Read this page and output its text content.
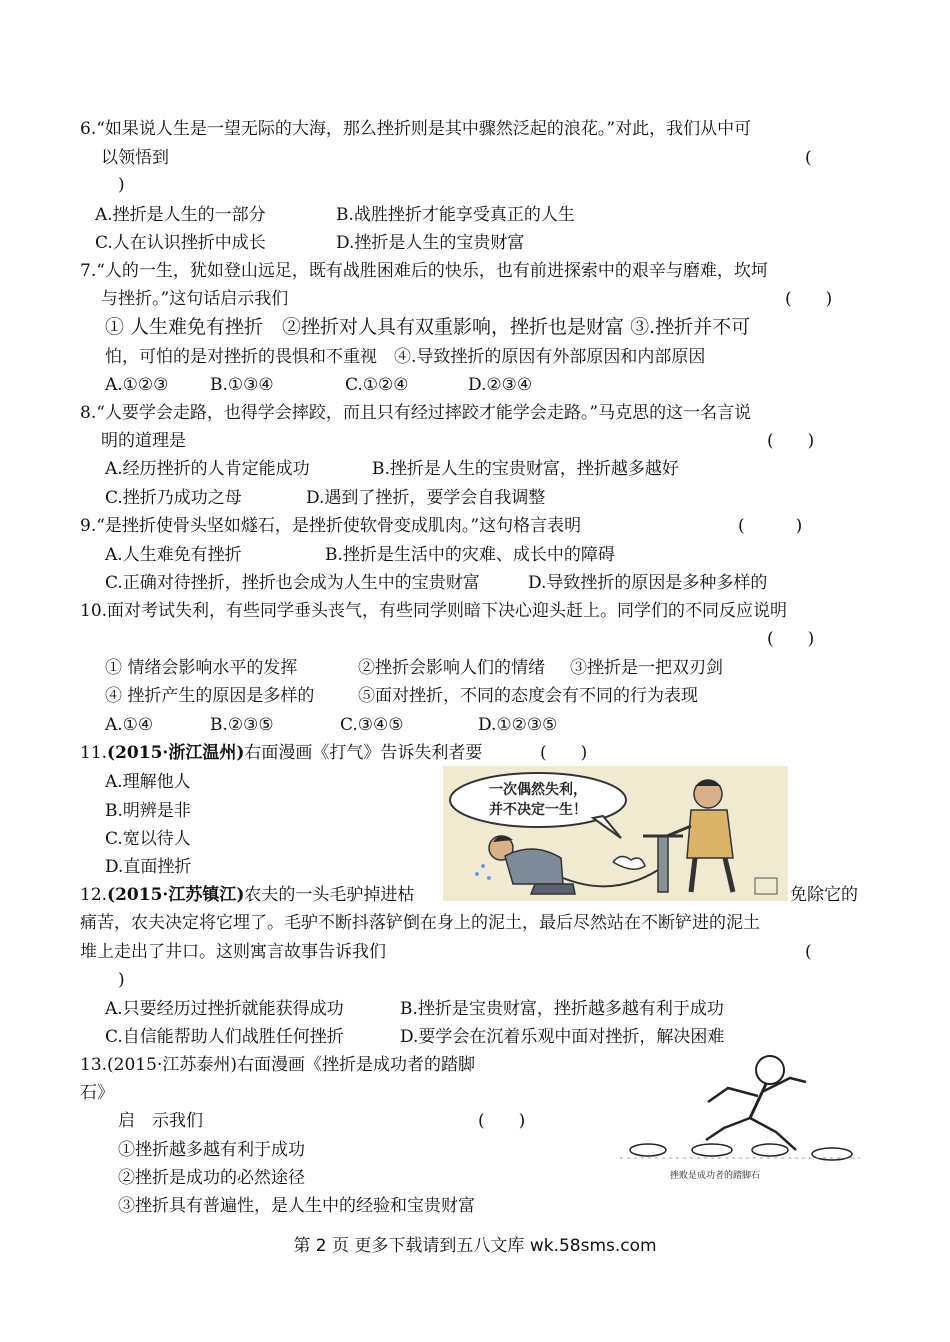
6.“如果说人生是一望无际的大海，那么挫折则是其中骤然泛起的浪花。”对此，我们从中可
以领悟到	(
)
A.挫折是人生的一部分	B.战胜挫折才能享受真正的人生
C.人在认识挫折中成长	D.挫折是人生的宝贵财富
7.“人的一生，犹如登山远足，既有战胜困难后的快乐，也有前进探索中的艰辛与磨难，坎坷
与挫折。”这句话启示我们	(　　)
① 人生难免有挫折　②挫折对人具有双重影响，挫折也是财富 ③.挫折并不可
怕，可怕的是对挫折的畏惧和不重视　④.导致挫折的原因有外部原因和内部原因
A.①②③ B.①③④	C.①②④	D.②③④
8.“人要学会走路，也得学会摔跤，而且只有经过摔跤才能学会走路。”马克思的这一名言说
明的道理是	(　　)
A.经历挫折的人肯定能成功	B.挫折是人生的宝贵财富，挫折越多越好
C.挫折乃成功之母	D.遇到了挫折，要学会自我调整
9.“是挫折使骨头坚如燧石，是挫折使软骨变成肌肉。”这句格言表明	(　　　)
A.人生难免有挫折	B.挫折是生活中的灾难、成长中的障碍
C.正确对待挫折，挫折也会成为人生中的宝贵财富	D.导致挫折的原因是多种多样的
10.面对考试失利，有些同学垂头丧气，有些同学则暗下决心迎头赶上。同学们的不同反应说明
(　　)
① 情绪会影响水平的发挥	②挫折会影响人们的情绪 ③挫折是一把双刃剑
④ 挫折产生的原因是多样的	⑤面对挫折，不同的态度会有不同的行为表现
A.①④	B.②③⑤	C.③④⑤	D.①②③⑤
11.(2015·浙江温州)右面漫画《打气》告诉失利者要	(　　)
A.理解他人
B.明辨是非
C.宽以待人
D.直面挫折
一次偶然失利，
并不决定一生！
12.(2015·江苏镇江)农夫的一头毛驴掉进枯	免除它的
痛苦，农夫决定将它埋了。毛驴不断抖落铲倒在身上的泥土，最后尽然站在不断铲进的泥土
堆上走出了井口。这则寓言故事告诉我们	(
)
A.只要经历过挫折就能获得成功	B.挫折是宝贵财富，挫折越多越有利于成功
C.自信能帮助人们战胜任何挫折	D.要学会在沉着乐观中面对挫折，解决困难
13.(2015·江苏泰州)右面漫画《挫折是成功者的踏脚
石》
启　示我们	(　　)
①挫折越多越有利于成功
②挫折是成功的必然途径
③挫折具有普遍性，是人生中的经验和宝贵财富
挫败是成功者的踏脚石
第 2 页 更多下载请到五八文库 wk.58sms.com
